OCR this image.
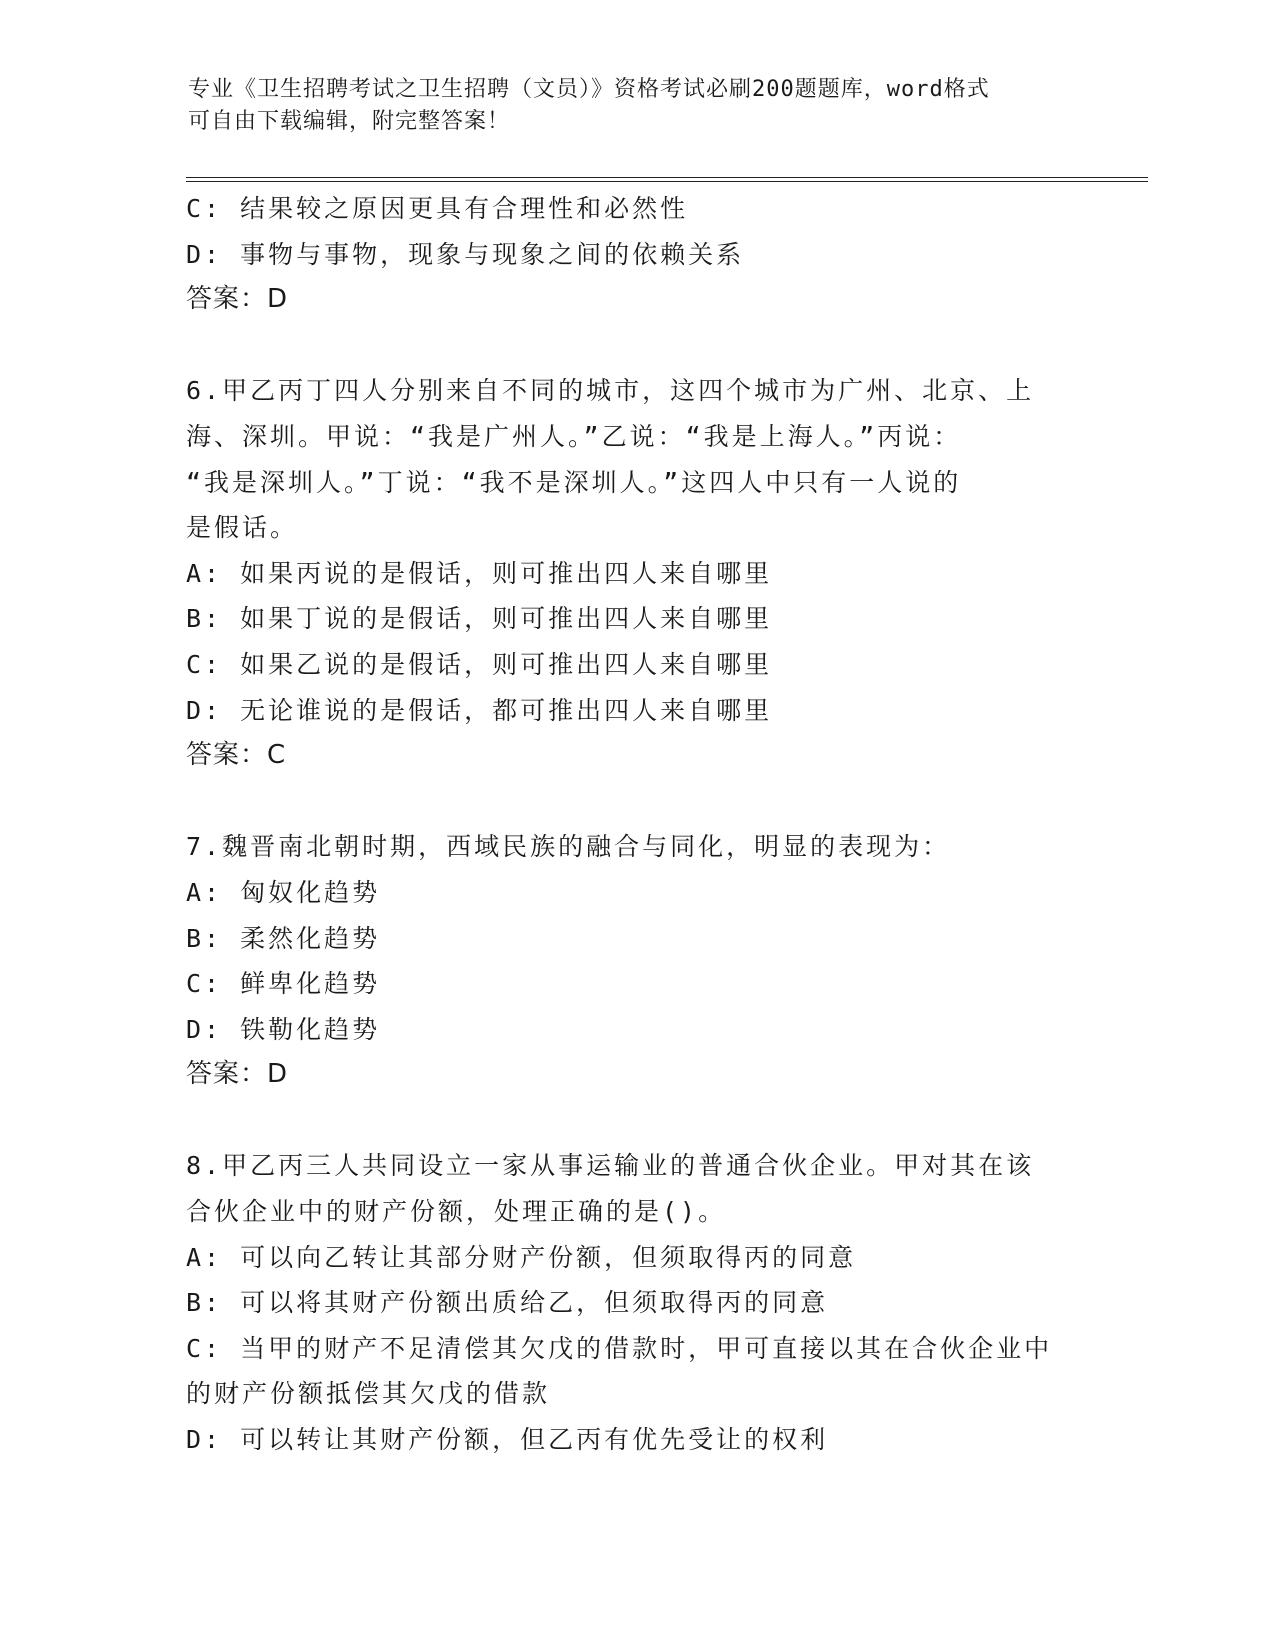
专业《卫生招聘考试之卫生招聘（文员）》资格考试必刷200题题库，word格式

可自由下载编辑，附完整答案！

C: 结果较之原因更具有合理性和必然性
D: 事物与事物，现象与现象之间的依赖关系
答案：D
6.甲乙丙丁四人分别来自不同的城市，这四个城市为广州、北京、上
海、深圳。甲说：“我是广州人。”乙说：“我是上海人。”丙说：
“我是深圳人。”丁说：“我不是深圳人。”这四人中只有一人说的
是假话。
A: 如果丙说的是假话，则可推出四人来自哪里
B: 如果丁说的是假话，则可推出四人来自哪里
C: 如果乙说的是假话，则可推出四人来自哪里
D: 无论谁说的是假话，都可推出四人来自哪里
答案：C
7.魏晋南北朝时期，西域民族的融合与同化，明显的表现为：
A: 匈奴化趋势
B: 柔然化趋势
C: 鲜卑化趋势
D: 铁勒化趋势
答案：D
8.甲乙丙三人共同设立一家从事运输业的普通合伙企业。甲对其在该
合伙企业中的财产份额，处理正确的是()。
A: 可以向乙转让其部分财产份额，但须取得丙的同意
B: 可以将其财产份额出质给乙，但须取得丙的同意
C: 当甲的财产不足清偿其欠戊的借款时，甲可直接以其在合伙企业中
的财产份额抵偿其欠戊的借款
D: 可以转让其财产份额，但乙丙有优先受让的权利
